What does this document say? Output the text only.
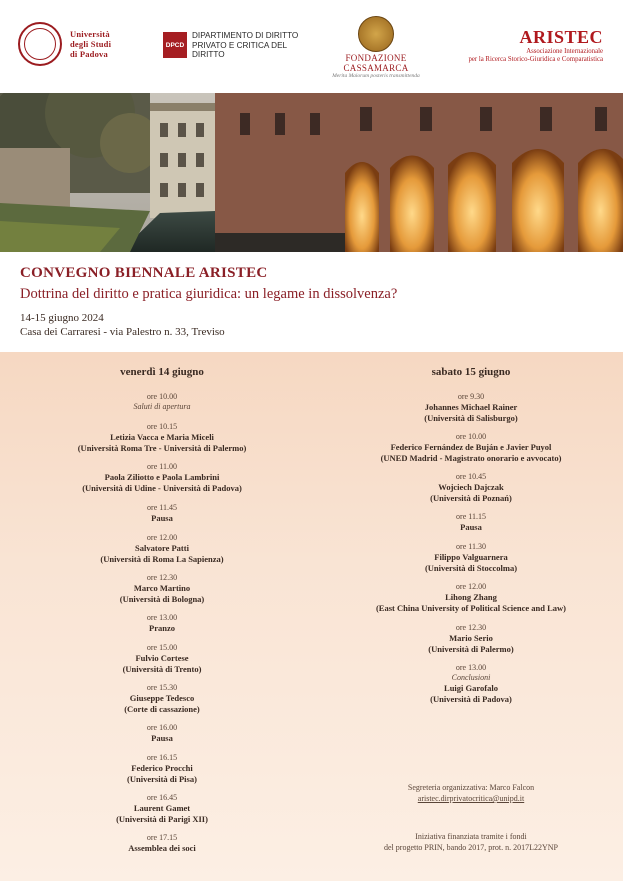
Università
degli Studi
di Padova
DPCD
DIPARTIMENTO DI DIRITTO
PRIVATO E CRITICA DEL
DIRITTO	FONDAZIONE CASSAMARCA
Merita Maiorum posteris transmittenda
ARISTEC
Associazione Internazionale
per la Ricerca Storico-Giuridica e Comparatistica
CONVEGNO BIENNALE ARISTEC
Dottrina del diritto e pratica giuridica: un legame in dissolvenza?
14-15 giugno 2024
Casa dei Carraresi - via Palestro n. 33, Treviso
venerdì 14 giugno
ore 10.00
Saluti di apertura
ore 10.15
Letizia Vacca e Maria Miceli
(Università Roma Tre - Università di Palermo)
ore 11.00
Paola Ziliotto e Paola Lambrini
(Università di Udine - Università di Padova)
ore 11.45
Pausa
ore 12.00
Salvatore Patti
(Università di Roma La Sapienza)
ore 12.30
Marco Martino
(Università di Bologna)
ore 13.00
Pranzo
ore 15.00
Fulvio Cortese
(Università di Trento)
ore 15.30
Giuseppe Tedesco
(Corte di cassazione)
ore 16.00
Pausa
ore 16.15
Federico Procchi
(Università di Pisa)
ore 16.45
Laurent Gamet
(Università di Parigi XII)
ore 17.15
Assemblea dei soci
sabato 15 giugno
ore 9.30
Johannes Michael Rainer
(Università di Salisburgo)
ore 10.00
Federico Fernández de Buján e Javier Puyol
(UNED Madrid - Magistrato onorario e avvocato)
ore 10.45
Wojciech Dajczak
(Università di Poznań)
ore 11.15
Pausa
ore 11.30
Filippo Valguarnera
(Università di Stoccolma)
ore 12.00
Lihong Zhang
(East China University of Political Science and Law)
ore 12.30
Mario Serio
(Università di Palermo)
ore 13.00
Conclusioni
Luigi Garofalo
(Università di Padova)
Segreteria organizzativa: Marco Falcon
aristec.dirprivatocritica@unipd.it
Iniziativa finanziata tramite i fondi
del progetto PRIN, bando 2017, prot. n. 2017L22YNP
